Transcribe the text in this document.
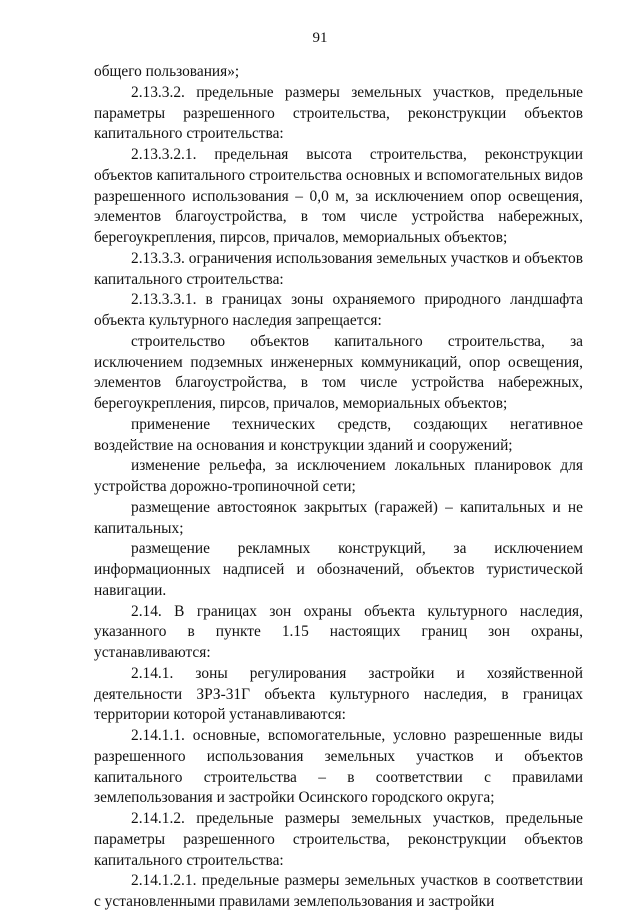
91

общего пользования»;

2.13.3.2. предельные размеры земельных участков, предельные параметры разрешенного строительства, реконструкции объектов капитального строительства:

2.13.3.2.1. предельная высота строительства, реконструкции объектов капитального строительства основных и вспомогательных видов разрешенного использования – 0,0 м, за исключением опор освещения, элементов благоустройства, в том числе устройства набережных, берегоукрепления, пирсов, причалов, мемориальных объектов;

2.13.3.3. ограничения использования земельных участков и объектов капитального строительства:

2.13.3.3.1. в границах зоны охраняемого природного ландшафта объекта культурного наследия запрещается:

строительство объектов капитального строительства, за исключением подземных инженерных коммуникаций, опор освещения, элементов благоустройства, в том числе устройства набережных, берегоукрепления, пирсов, причалов, мемориальных объектов;

применение технических средств, создающих негативное воздействие на основания и конструкции зданий и сооружений;

изменение рельефа, за исключением локальных планировок для устройства дорожно-тропиночной сети;

размещение автостоянок закрытых (гаражей) – капитальных и не капитальных;

размещение рекламных конструкций, за исключением информационных надписей и обозначений, объектов туристической навигации.

2.14. В границах зон охраны объекта культурного наследия, указанного в пункте 1.15 настоящих границ зон охраны, устанавливаются:

2.14.1. зоны регулирования застройки и хозяйственной деятельности ЗРЗ-31Г объекта культурного наследия, в границах территории которой устанавливаются:

2.14.1.1. основные, вспомогательные, условно разрешенные виды разрешенного использования земельных участков и объектов капитального строительства – в соответствии с правилами землепользования и застройки Осинского городского округа;

2.14.1.2. предельные размеры земельных участков, предельные параметры разрешенного строительства, реконструкции объектов капитального строительства:

2.14.1.2.1. предельные размеры земельных участков в соответствии с установленными правилами землепользования и застройки
